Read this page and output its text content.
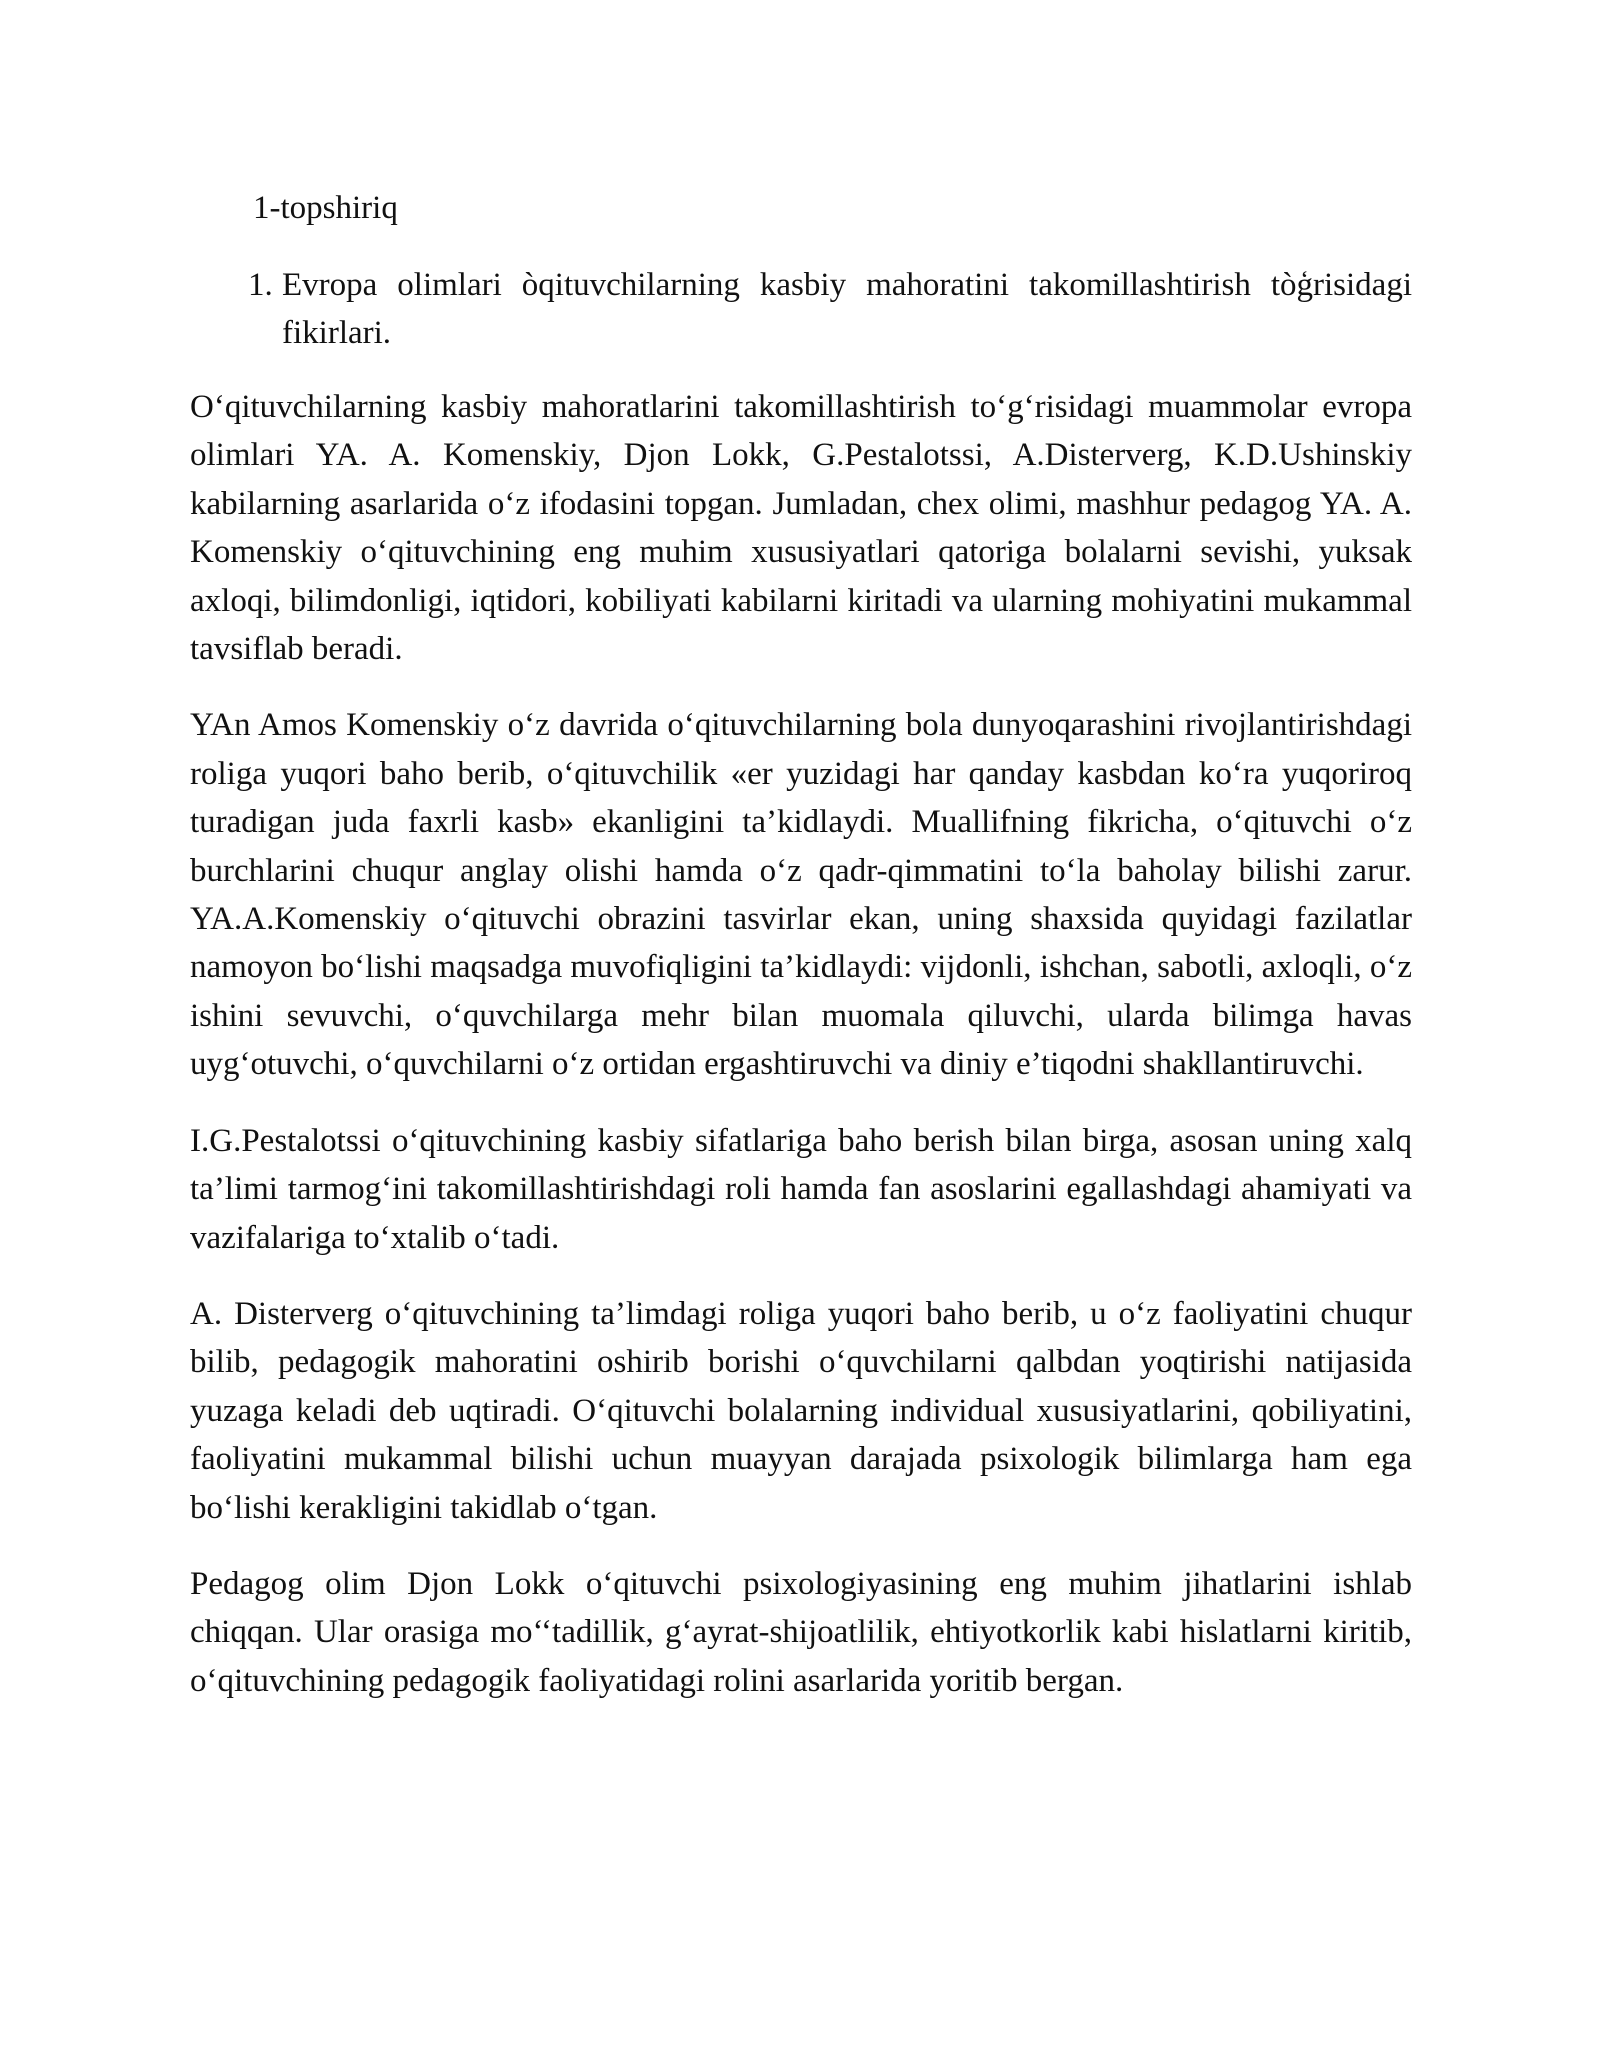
1-topshiriq
1. Evropa olimlari òqituvchilarning kasbiy mahoratini takomillashtirish tòģrisidagi fikirlari.

O‘qituvchilarning kasbiy mahoratlarini takomillashtirish to‘g‘risidagi muammolar evropa olimlari YA. A. Komenskiy, Djon Lokk, G.Pestalotssi, A.Disterverg, K.D.Ushinskiy kabilarning asarlarida o‘z ifodasini topgan. Jumladan, chex olimi, mashhur pedagog YA. A. Komenskiy o‘qituvchining eng muhim xususiyatlari qatoriga bolalarni sevishi, yuksak axloqi, bilimdonligi, iqtidori, kobiliyati kabilarni kiritadi va ularning mohiyatini mukammal tavsiflab beradi.

YAn Amos Komenskiy o‘z davrida o‘qituvchilarning bola dunyoqarashini rivojlantirishdagi roliga yuqori baho berib, o‘qituvchilik «er yuzidagi har qanday kasbdan ko‘ra yuqoriroq turadigan juda faxrli kasb» ekanligini ta’kidlaydi. Muallifning fikricha, o‘qituvchi o‘z burchlarini chuqur anglay olishi hamda o‘z qadr-qimmatini to‘la baholay bilishi zarur. YA.A.Komenskiy o‘qituvchi obrazini tasvirlar ekan, uning shaxsida quyidagi fazilatlar namoyon bo‘lishi maqsadga muvofiqligini ta’kidlaydi: vijdonli, ishchan, sabotli, axloqli, o‘z ishini sevuvchi, o‘quvchilarga mehr bilan muomala qiluvchi, ularda bilimga havas uyg‘otuvchi, o‘quvchilarni o‘z ortidan ergashtiruvchi va diniy e’tiqodni shakllantiruvchi.

I.G.Pestalotssi o‘qituvchining kasbiy sifatlariga baho berish bilan birga, asosan uning xalq ta’limi tarmog‘ini takomillashtirishdagi roli hamda fan asoslarini egallashdagi ahamiyati va vazifalariga to‘xtalib o‘tadi.

A. Disterverg o‘qituvchining ta’limdagi roliga yuqori baho berib, u o‘z faoliyatini chuqur bilib, pedagogik mahoratini oshirib borishi o‘quvchilarni qalbdan yoqtirishi natijasida yuzaga keladi deb uqtiradi. O‘qituvchi bolalarning individual xususiyatlarini, qobiliyatini, faoliyatini mukammal bilishi uchun muayyan darajada psixologik bilimlarga ham ega bo‘lishi kerakligini takidlab o‘tgan.

Pedagog olim Djon Lokk o‘qituvchi psixologiyasining eng muhim jihatlarini ishlab chiqqan. Ular orasiga mo‘‘tadillik, g‘ayrat-shijoatlilik, ehtiyotkorlik kabi hislatlarni kiritib, o‘qituvchining pedagogik faoliyatidagi rolini asarlarida yoritib bergan.
